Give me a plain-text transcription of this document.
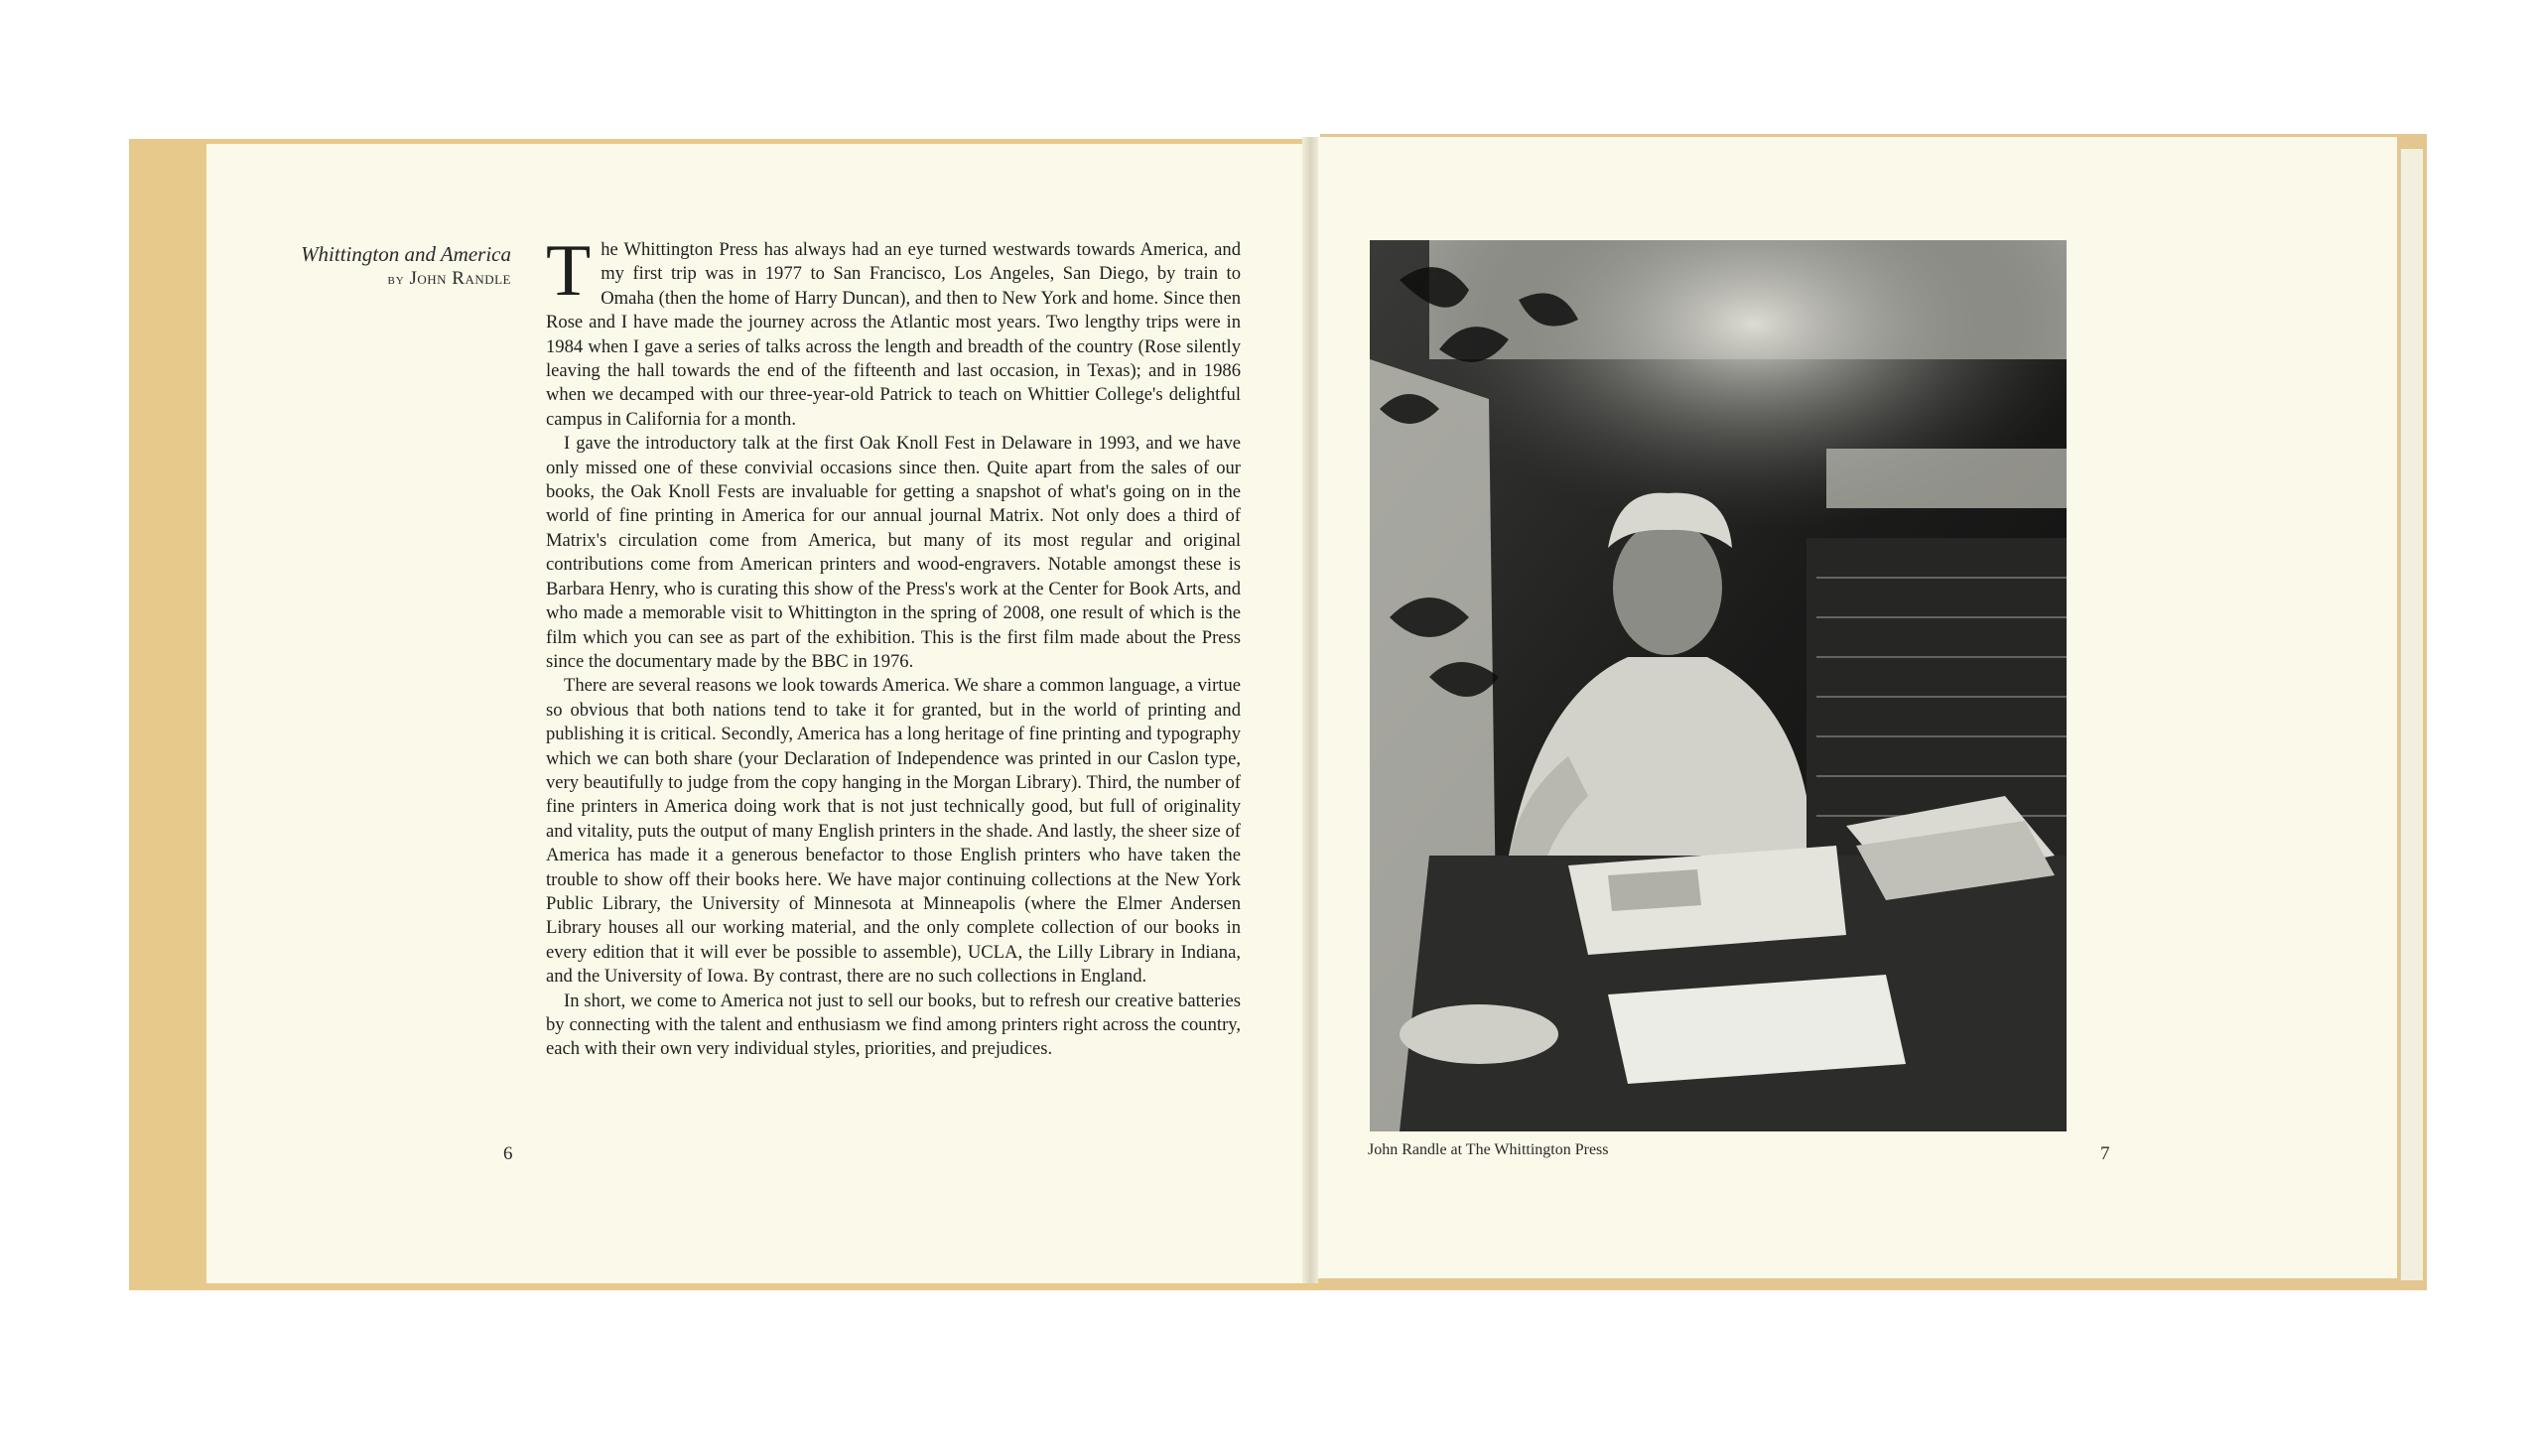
Whittington and America
by John Randle The Whittington Press has always had an eye turned westwards towards America, and my first trip was in 1977 to San Francisco, Los Angeles, San Diego, by train to Omaha (then the home of Harry Duncan), and then to New York and home. Since then Rose and I have made the journey across the Atlantic most years. Two lengthy trips were in 1984 when I gave a series of talks across the length and breadth of the country (Rose silently leaving the hall towards the end of the fifteenth and last occasion, in Texas); and in 1986 when we decamped with our three-year-old Patrick to teach on Whittier College's delightful campus in California for a month.

I gave the introductory talk at the first Oak Knoll Fest in Delaware in 1993, and we have only missed one of these convivial occasions since then. Quite apart from the sales of our books, the Oak Knoll Fests are invaluable for getting a snapshot of what's going on in the world of fine printing in America for our annual journal Matrix. Not only does a third of Matrix's circulation come from America, but many of its most regular and original contributions come from American printers and wood-engravers. Notable amongst these is Barbara Henry, who is curating this show of the Press's work at the Center for Book Arts, and who made a memorable visit to Whittington in the spring of 2008, one result of which is the film which you can see as part of the exhibition. This is the first film made about the Press since the documentary made by the BBC in 1976.

There are several reasons we look towards America. We share a common language, a virtue so obvious that both nations tend to take it for granted, but in the world of printing and publishing it is critical. Secondly, America has a long heritage of fine printing and typography which we can both share (your Declaration of Independence was printed in our Caslon type, very beautifully to judge from the copy hanging in the Morgan Library). Third, the number of fine printers in America doing work that is not just technically good, but full of originality and vitality, puts the output of many English printers in the shade. And lastly, the sheer size of America has made it a generous benefactor to those English printers who have taken the trouble to show off their books here. We have major continuing collections at the New York Public Library, the University of Minnesota at Minneapolis (where the Elmer Andersen Library houses all our working material, and the only complete collection of our books in every edition that it will ever be possible to assemble), UCLA, the Lilly Library in Indiana, and the University of Iowa. By contrast, there are no such collections in England.

In short, we come to America not just to sell our books, but to refresh our creative batteries by connecting with the talent and enthusiasm we find among printers right across the country, each with their own very individual styles, priorities, and prejudices.

6	John Randle at The Whittington Press	7
